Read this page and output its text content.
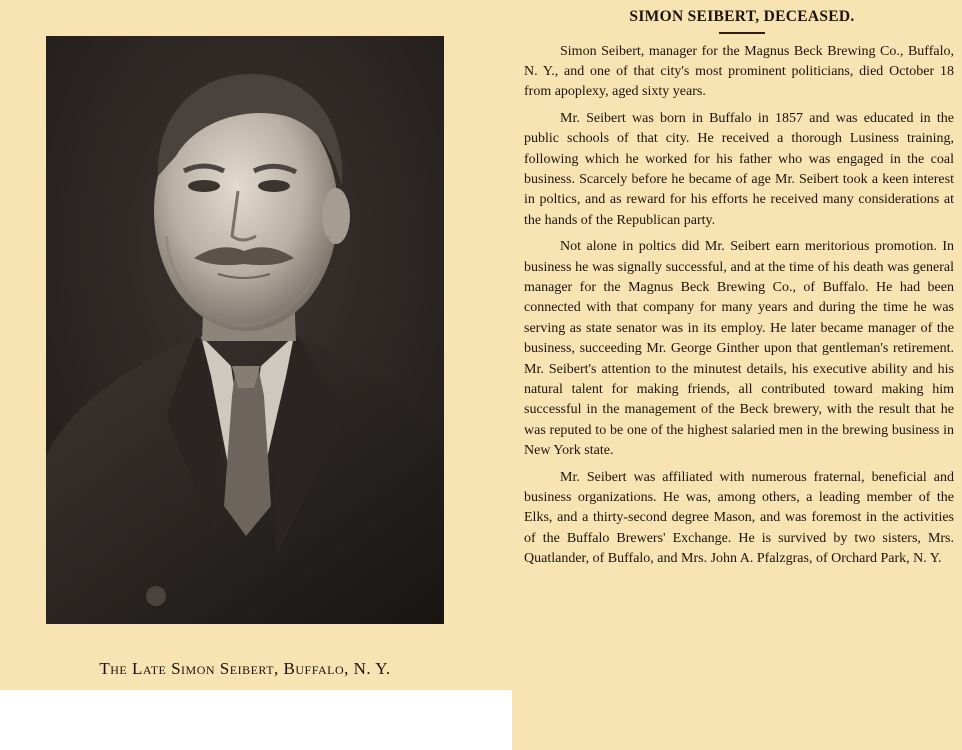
The Late Simon Seibert, Buffalo, N. Y.
SIMON SEIBERT, DECEASED.

Simon Seibert, manager for the Magnus Beck Brewing Co., Buffalo, N. Y., and one of that city's most prominent politicians, died October 18 from apoplexy, aged sixty years.

Mr. Seibert was born in Buffalo in 1857 and was educated in the public schools of that city. He received a thorough Lusiness training, following which he worked for his father who was engaged in the coal business. Scarcely before he became of age Mr. Seibert took a keen interest in poltics, and as reward for his efforts he received many considerations at the hands of the Republican party.

Not alone in poltics did Mr. Seibert earn meritorious promotion. In business he was signally successful, and at the time of his death was general manager for the Magnus Beck Brewing Co., of Buffalo. He had been connected with that company for many years and during the time he was serving as state senator was in its employ. He later became manager of the business, succeeding Mr. George Ginther upon that gentleman's retirement. Mr. Seibert's attention to the minutest details, his executive ability and his natural talent for making friends, all contributed toward making him successful in the management of the Beck brewery, with the result that he was reputed to be one of the highest salaried men in the brewing business in New York state.

Mr. Seibert was affiliated with numerous fraternal, beneficial and business organizations. He was, among others, a leading member of the Elks, and a thirty-second degree Mason, and was foremost in the activities of the Buffalo Brewers' Exchange. He is survived by two sisters, Mrs. Quatlander, of Buffalo, and Mrs. John A. Pfalzgras, of Orchard Park, N. Y.
